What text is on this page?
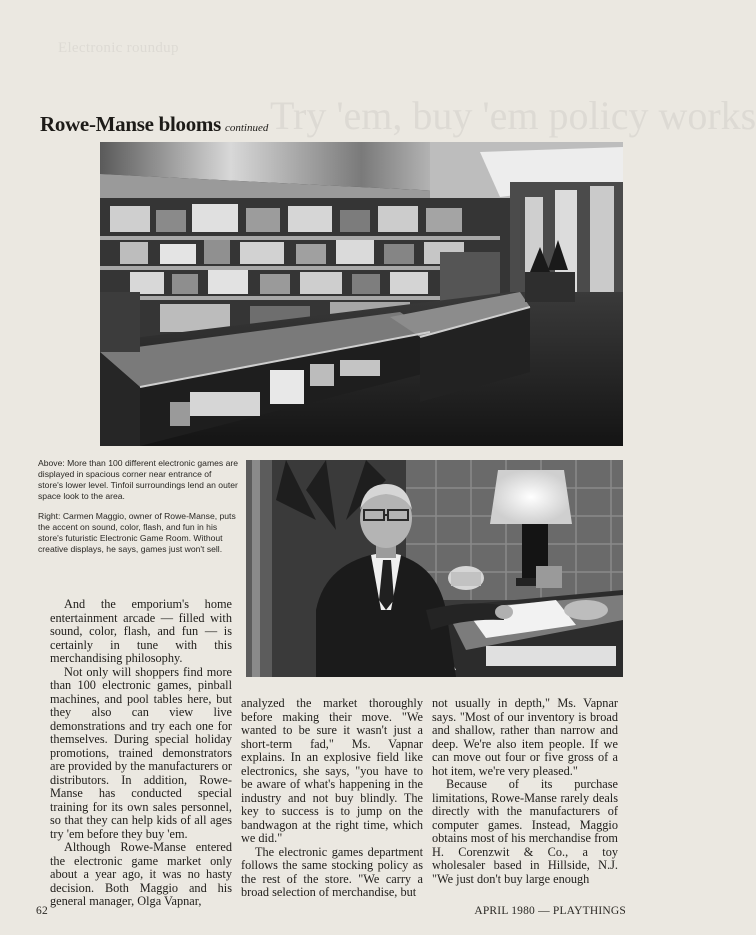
Electronic roundup
Try 'em, buy 'em policy works
Rowe-Manse blooms continued

Above: More than 100 different electronic games are displayed in spacious corner near entrance of store's lower level. Tinfoil surroundings lend an outer space look to the area.

Right: Carmen Maggio, owner of Rowe-Manse, puts the accent on sound, color, flash, and fun in his store's futuristic Electronic Game Room. Without creative displays, he says, games just won't sell.

And the emporium's home entertainment arcade — filled with sound, color, flash, and fun — is certainly in tune with this merchandising philosophy.

Not only will shoppers find more than 100 electronic games, pinball machines, and pool tables here, but they also can view live demonstrations and try each one for themselves. During special holiday promotions, trained demonstrators are provided by the manufacturers or distributors. In addition, Rowe-Manse has conducted special training for its own sales personnel, so that they can help kids of all ages try 'em before they buy 'em.

Although Rowe-Manse entered the electronic game market only about a year ago, it was no hasty decision. Both Maggio and his general manager, Olga Vapnar,

analyzed the market thoroughly before making their move. "We wanted to be sure it wasn't just a short-term fad," Ms. Vapnar explains. In an explosive field like electronics, she says, "you have to be aware of what's happening in the industry and not buy blindly. The key to success is to jump on the bandwagon at the right time, which we did."

The electronic games department follows the same stocking policy as the rest of the store. "We carry a broad selection of merchandise, but

not usually in depth," Ms. Vapnar says. "Most of our inventory is broad and shallow, rather than narrow and deep. We're also item people. If we can move out four or five gross of a hot item, we're very pleased."

Because of its purchase limitations, Rowe-Manse rarely deals directly with the manufacturers of computer games. Instead, Maggio obtains most of his merchandise from H. Corenzwit & Co., a toy wholesaler based in Hillside, N.J. "We just don't buy large enough

62	APRIL 1980 — PLAYTHINGS
